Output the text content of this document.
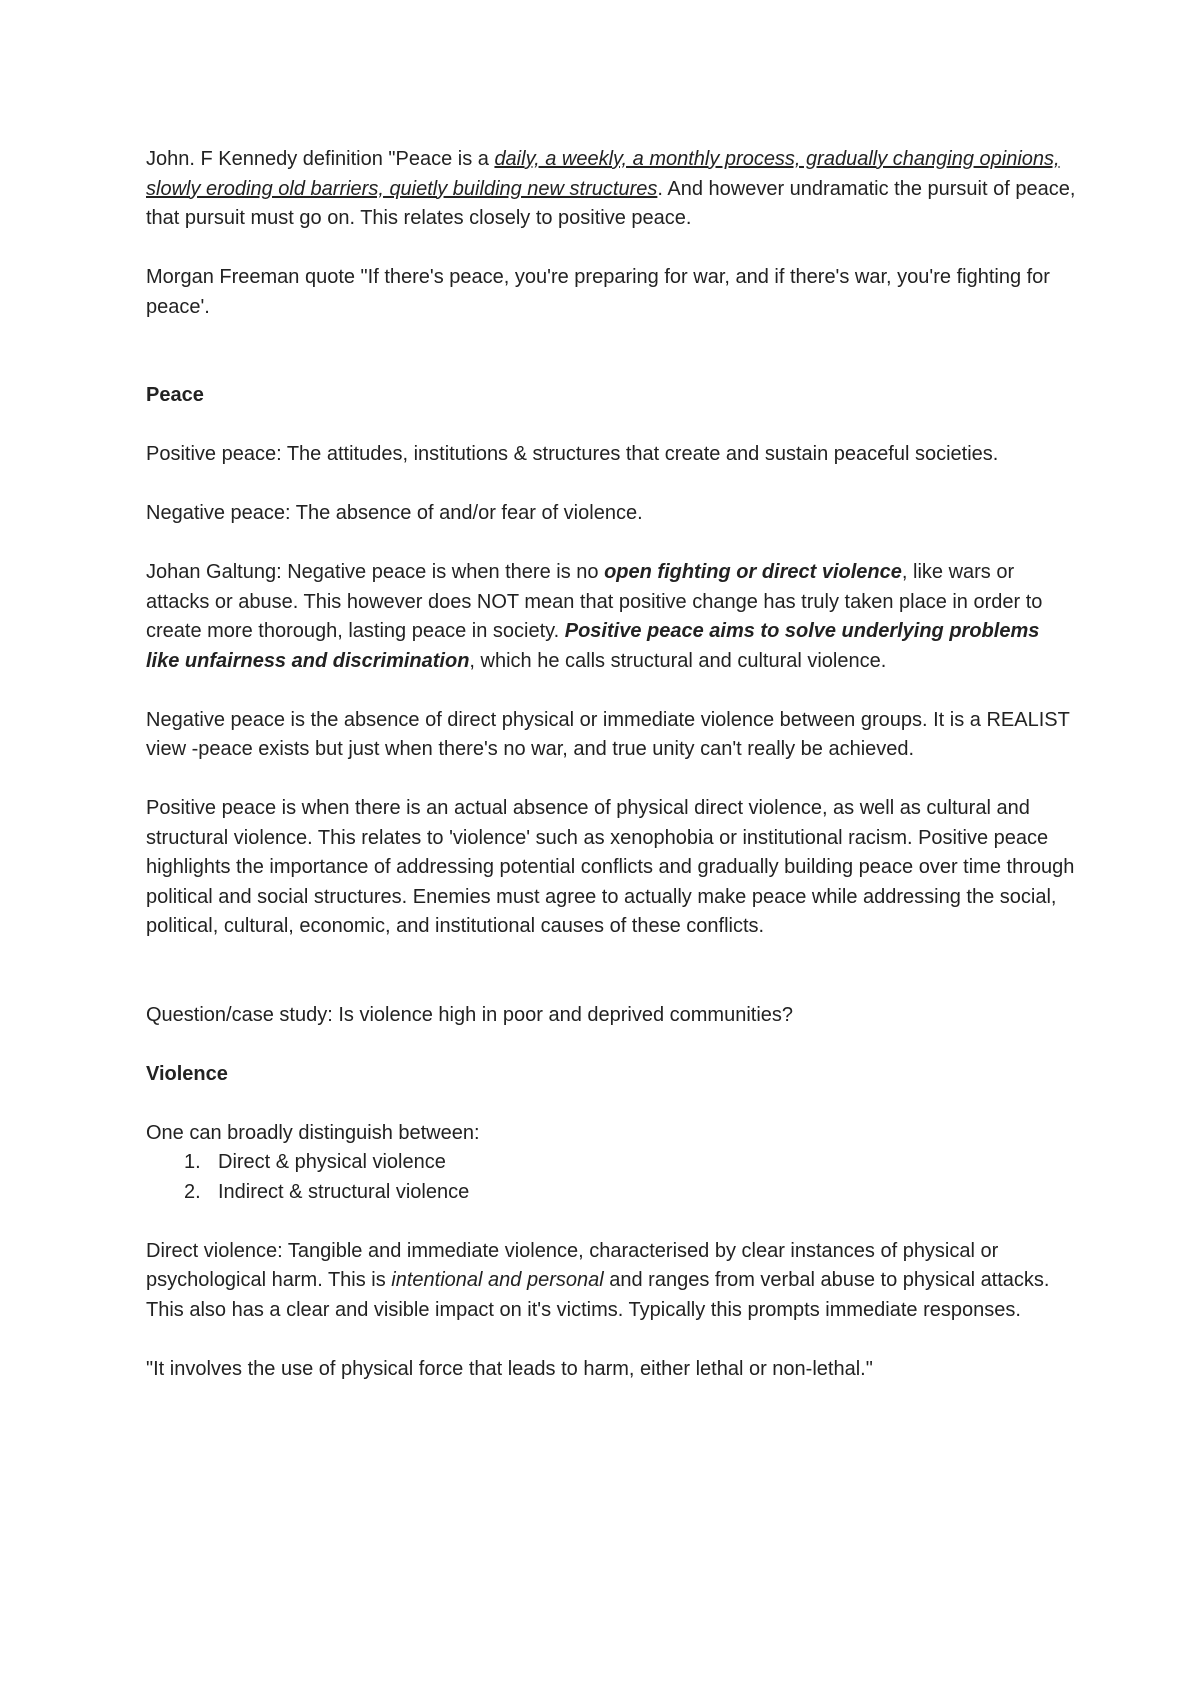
John. F Kennedy definition "Peace is a daily, a weekly, a monthly process, gradually changing opinions, slowly eroding old barriers, quietly building new structures. And however undramatic the pursuit of peace, that pursuit must go on. This relates closely to positive peace.

Morgan Freeman quote "If there's peace, you're preparing for war, and if there's war, you're fighting for peace'.

Peace

Positive peace: The attitudes, institutions & structures that create and sustain peaceful societies.

Negative peace: The absence of and/or fear of violence.

Johan Galtung: Negative peace is when there is no open fighting or direct violence, like wars or attacks or abuse. This however does NOT mean that positive change has truly taken place in order to create more thorough, lasting peace in society. Positive peace aims to solve underlying problems like unfairness and discrimination, which he calls structural and cultural violence.

Negative peace is the absence of direct physical or immediate violence between groups. It is a REALIST view -peace exists but just when there's no war, and true unity can't really be achieved.

Positive peace is when there is an actual absence of physical direct violence, as well as cultural and structural violence. This relates to 'violence' such as xenophobia or institutional racism. Positive peace highlights the importance of addressing potential conflicts and gradually building peace over time through political and social structures. Enemies must agree to actually make peace while addressing the social, political, cultural, economic, and institutional causes of these conflicts.

Question/case study: Is violence high in poor and deprived communities?

Violence

One can broadly distinguish between:

1. Direct & physical violence
2. Indirect & structural violence

Direct violence: Tangible and immediate violence, characterised by clear instances of physical or psychological harm. This is intentional and personal and ranges from verbal abuse to physical attacks. This also has a clear and visible impact on it's victims. Typically this prompts immediate responses.

"It involves the use of physical force that leads to harm, either lethal or non-lethal."
